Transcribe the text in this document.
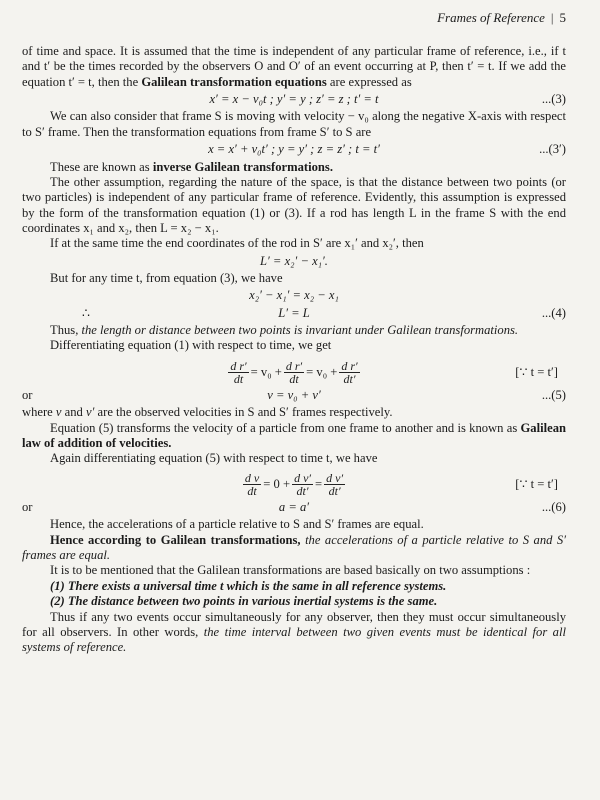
Frames of Reference | 5

of time and space. It is assumed that the time is independent of any particular frame of reference, i.e., if t and t′ be the times recorded by the observers O and O′ of an event occurring at P, then t′ = t. If we add the equation t′ = t, then the Galilean transformation equations are expressed as

x′ = x − v₀t ; y′ = y ; z′ = z ; t′ = t	...(3)

We can also consider that frame S is moving with velocity − v₀ along the negative X-axis with respect to S′ frame. Then the transformation equations from frame S′ to S are

x = x′ + v₀t′ ; y = y′ ; z = z′ ; t = t′	...(3′)

These are known as inverse Galilean transformations.

The other assumption, regarding the nature of the space, is that the distance between two points (or two particles) is independent of any particular frame of reference. Evidently, this assumption is expressed by the form of the transformation equation (1) or (3). If a rod has length L in the frame S with the end coordinates x₁ and x₂, then L = x₂ − x₁.

If at the same time the end coordinates of the rod in S′ are x₁′ and x₂′, then

L′ = x₂′ − x₁′.

But for any time t, from equation (3), we have

x₂′ − x₁′ = x₂ − x₁
∴	L′ = L	...(4)

Thus, the length or distance between two points is invariant under Galilean transformations.

Differentiating equation (1) with respect to time, we get

$\frac{\text{d r′}}{dt} = v_0 + \frac{\text{d r′}}{dt} = v_0 + \frac{\text{d r′}}{dt'}$	[∵ t = t′]
or	v = v₀ + v′	...(5)

where v and v′ are the observed velocities in S and S′ frames respectively.

Equation (5) transforms the velocity of a particle from one frame to another and is known as Galilean law of addition of velocities.

Again differentiating equation (5) with respect to time t, we have

$\frac{\text{d v}}{dt} = 0 + \frac{\text{d v′}}{dt'} = \frac{\text{d v′}}{dt'}$	[∵ t = t′]
or	a = a′	...(6)

Hence, the accelerations of a particle relative to S and S′ frames are equal.

Hence according to Galilean transformations, the accelerations of a particle relative to S and S′ frames are equal.

It is to be mentioned that the Galilean transformations are based basically on two assumptions :

(1) There exists a universal time t which is the same in all reference systems.

(2) The distance between two points in various inertial systems is the same.

Thus if any two events occur simultaneously for any observer, then they must occur simultaneously for all observers. In other words, the time interval between two given events must be identical for all systems of reference.
